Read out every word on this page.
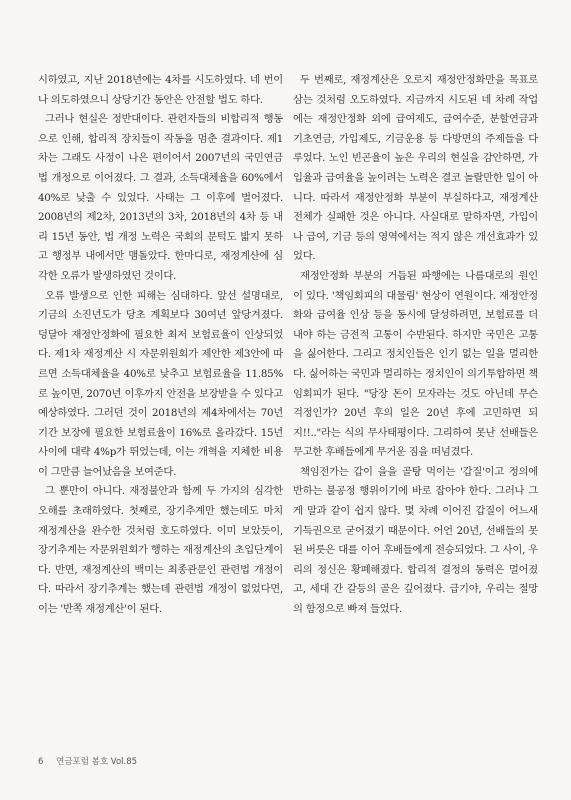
시하였고, 지난 2018년에는 4차를 시도하였다. 네 번이나 의도하였으니 상당기간 동안은 안전할 법도 하다.

그러나 현실은 정반대이다. 관련자들의 비합리적 행동으로 인해, 합리적 장치들이 작동을 멈춘 결과이다. 제1차는 그래도 사정이 나은 편이어서 2007년의 국민연금법 개정으로 이어졌다. 그 결과, 소득대체율을 60%에서 40%로 낮출 수 있었다. 사태는 그 이후에 벌어졌다. 2008년의 제2차, 2013년의 3차, 2018년의 4차 등 내리 15년 동안, 법 개정 노력은 국회의 문턱도 밟지 못하고 행정부 내에서만 맴돌았다. 한마디로, 재정계산에 심각한 오류가 발생하였던 것이다.

오류 발생으로 인한 피해는 심대하다. 앞선 설명대로, 기금의 소진년도가 당초 계획보다 30여년 앞당겨졌다. 덩달아 재정안정화에 필요한 최저 보험료율이 인상되었다. 제1차 재정계산 시 자문위원회가 제안한 제3안에 따르면 소득대체율을 40%로 낮추고 보험료율을 11.85%로 높이면, 2070년 이후까지 안전을 보장받을 수 있다고 예상하였다. 그러던 것이 2018년의 제4차에서는 70년 기간 보장에 필요한 보험료율이 16%로 올라갔다. 15년 사이에 대략 4%p가 뛰었는데, 이는 개혁을 지체한 비용이 그만큼 늘어났음을 보여준다.

그 뿐만이 아니다. 재정불안과 함께 두 가지의 심각한 오해를 초래하였다. 첫째로, 장기추계만 했는데도 마치 재정계산을 완수한 것처럼 호도하였다. 이미 보았듯이, 장기추계는 자문위원회가 행하는 재정계산의 초입단계이다. 반면, 재정계산의 백미는 최종관문인 관련법 개정이다. 따라서 장기추계는 했는데 관련법 개정이 없었다면, 이는 '반쪽 재정계산'이 된다.

두 번째로, 재정계산은 오로지 재정안정화만을 목표로 삼는 것처럼 오도하였다. 지금까지 시도된 네 차례 작업에는 재정안정화 외에 급여제도, 급여수준, 분할연금과 기초연금, 가입제도, 기금운용 등 다방면의 주제들을 다루었다. 노인 빈곤율이 높은 우리의 현실을 감안하면, 가입율과 급여율을 높이려는 노력은 결코 놀랄만한 일이 아니다. 따라서 재정안정화 부분이 부실하다고, 재정계산 전체가 실패한 것은 아니다. 사실대로 말하자면, 가입이나 급여, 기금 등의 영역에서는 적지 않은 개선효과가 있었다.

재정안정화 부분의 거듭된 파행에는 나름대로의 원인이 있다. '책임회피의 대물림' 현상이 연원이다. 재정안정화와 급여율 인상 등을 동시에 달성하려면, 보험료를 더 내야 하는 금전적 고통이 수반된다. 하지만 국민은 고통을 싫어한다. 그리고 정치인들은 인기 없는 일을 멀리한다. 싫어하는 국민과 멀리하는 정치인이 의기투합하면 책임회피가 된다. "당장 돈이 모자라는 것도 아닌데 무슨 걱정인가? 20년 후의 일은 20년 후에 고민하면 되지!!.."라는 식의 무사태평이다. 그리하여 못난 선배들은 무고한 후배들에게 무거운 짐을 떠넘겼다.

책임전가는 갑이 을을 골탕 먹이는 '갑질'이고 정의에 반하는 불공정 행위이기에 바로 잡아야 한다. 그러나 그게 말과 같이 쉽지 않다. 몇 차례 이어진 갑질이 어느새 기득권으로 굳어졌기 때문이다. 어언 20년, 선배들의 못된 버릇은 대를 이어 후배들에게 전승되었다. 그 사이, 우리의 정신은 황폐해졌다. 합리적 결정의 동력은 멀어졌고, 세대 간 갈등의 골은 깊어졌다. 급기야, 우리는 절망의 함정으로 빠져 들었다.

6 연금포럼 봄호 Vol.85
